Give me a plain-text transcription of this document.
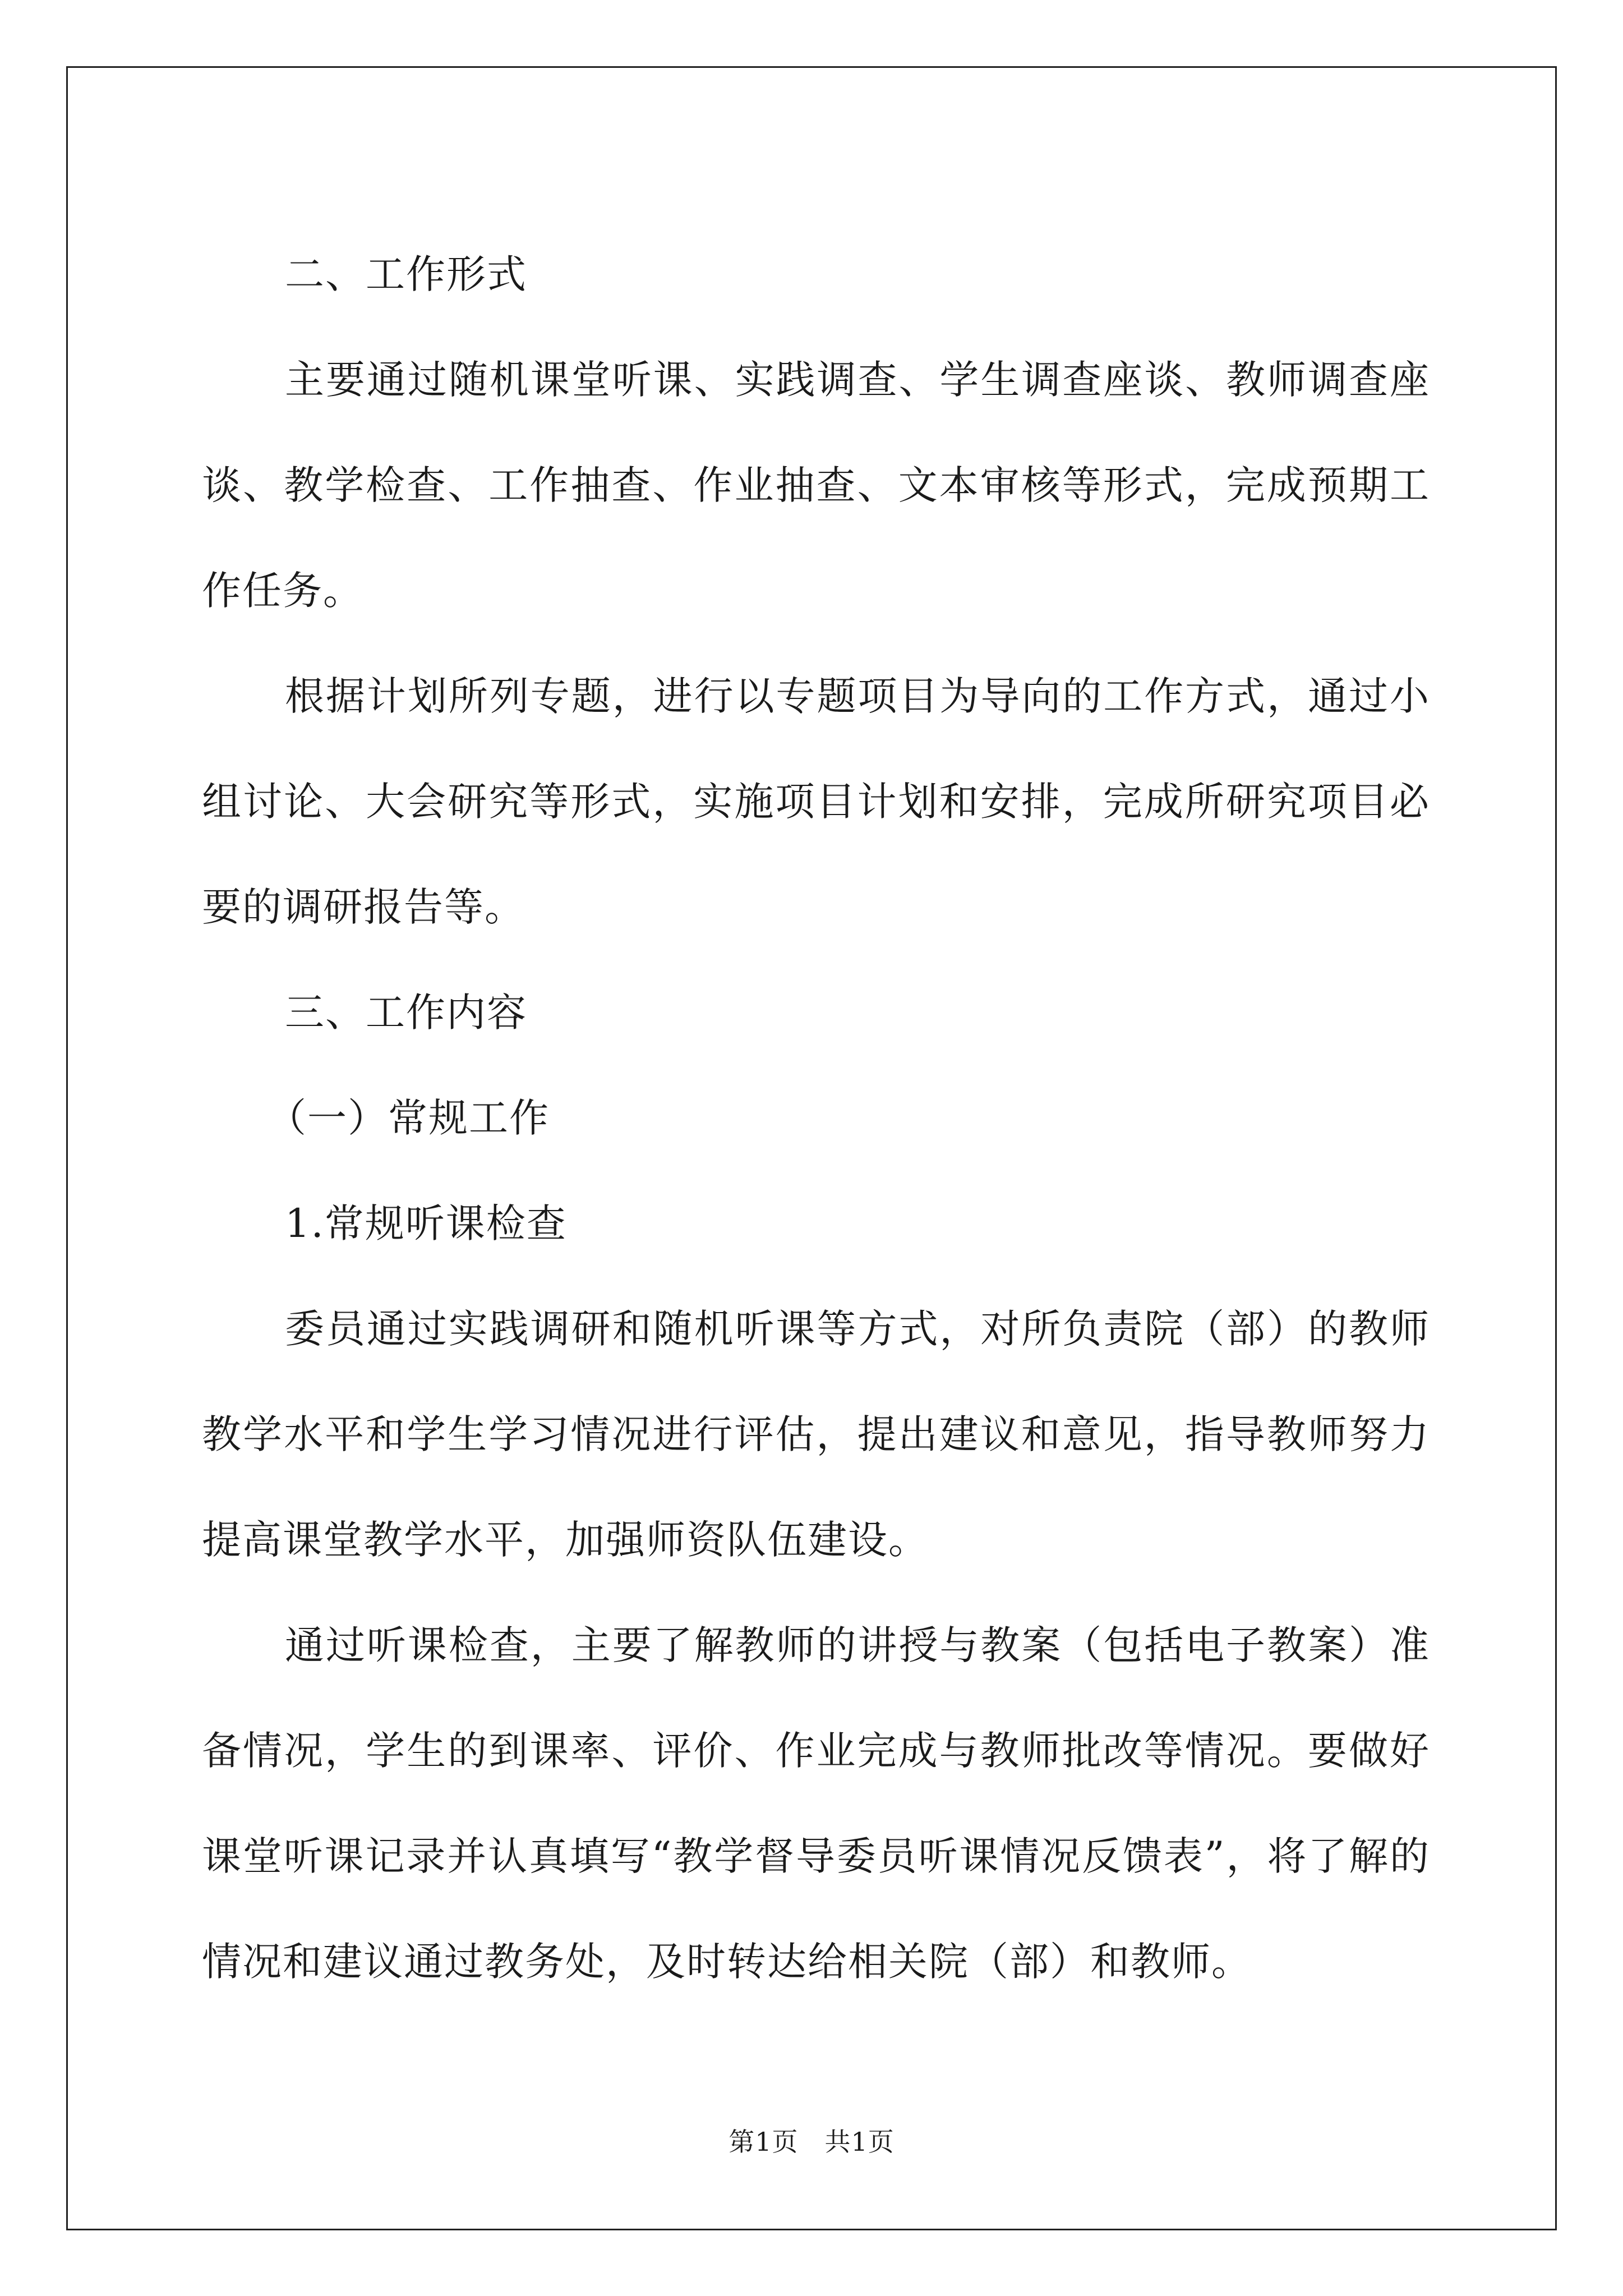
二、工作形式

主要通过随机课堂听课、实践调查、学生调查座谈、教师调查座谈、教学检查、工作抽查、作业抽查、文本审核等形式，完成预期工作任务。

根据计划所列专题，进行以专题项目为导向的工作方式，通过小组讨论、大会研究等形式，实施项目计划和安排，完成所研究项目必要的调研报告等。

三、工作内容

（一）常规工作

1.常规听课检查

委员通过实践调研和随机听课等方式，对所负责院（部）的教师教学水平和学生学习情况进行评估，提出建议和意见，指导教师努力提高课堂教学水平，加强师资队伍建设。

通过听课检查，主要了解教师的讲授与教案（包括电子教案）准备情况，学生的到课率、评价、作业完成与教师批改等情况。要做好课堂听课记录并认真填写“教学督导委员听课情况反馈表”，将了解的情况和建议通过教务处，及时转达给相关院（部）和教师。

第1页　共1页
